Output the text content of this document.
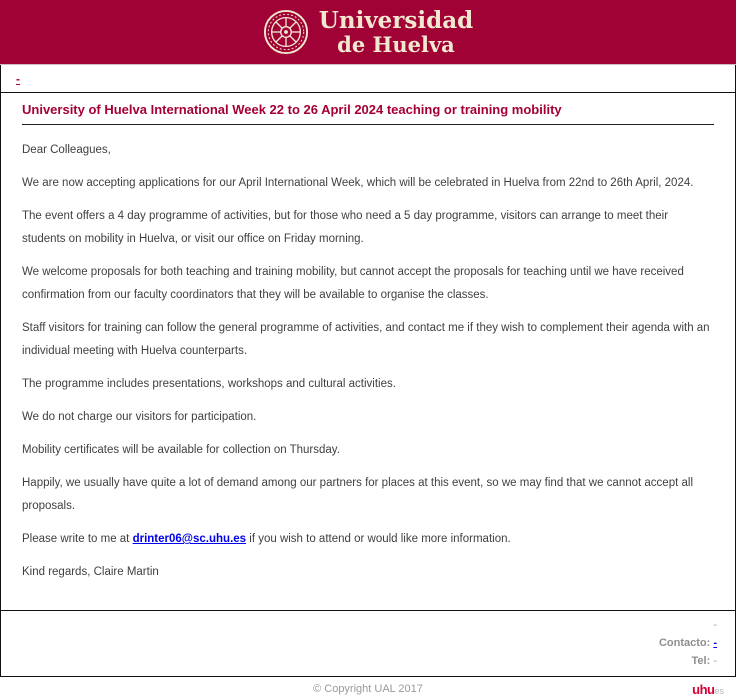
Universidad
de Huelva
-
University of Huelva International Week 22 to 26 April 2024 teaching or training mobility

Dear Colleagues,

We are now accepting applications for our April International Week, which will be celebrated in Huelva from 22nd to 26th April, 2024.

The event offers a 4 day programme of activities, but for those who need a 5 day programme, visitors can arrange to meet their students on mobility in Huelva, or visit our office on Friday morning.

We welcome proposals for both teaching and training mobility, but cannot accept the proposals for teaching until we have received confirmation from our faculty coordinators that they will be available to organise the classes.

Staff visitors for training can follow the general programme of activities, and contact me if they wish to complement their agenda with an individual meeting with Huelva counterparts.

The programme includes presentations, workshops and cultural activities.

We do not charge our visitors for participation.

Mobility certificates will be available for collection on Thursday.

Happily, we usually have quite a lot of demand among our partners for places at this event, so we may find that we cannot accept all proposals.

Please write to me at drinter06@sc.uhu.es if you wish to attend or would like more information.

Kind regards, Claire Martin

-
Contacto: -
Tel: -
© Copyright UAL 2017	uhues
